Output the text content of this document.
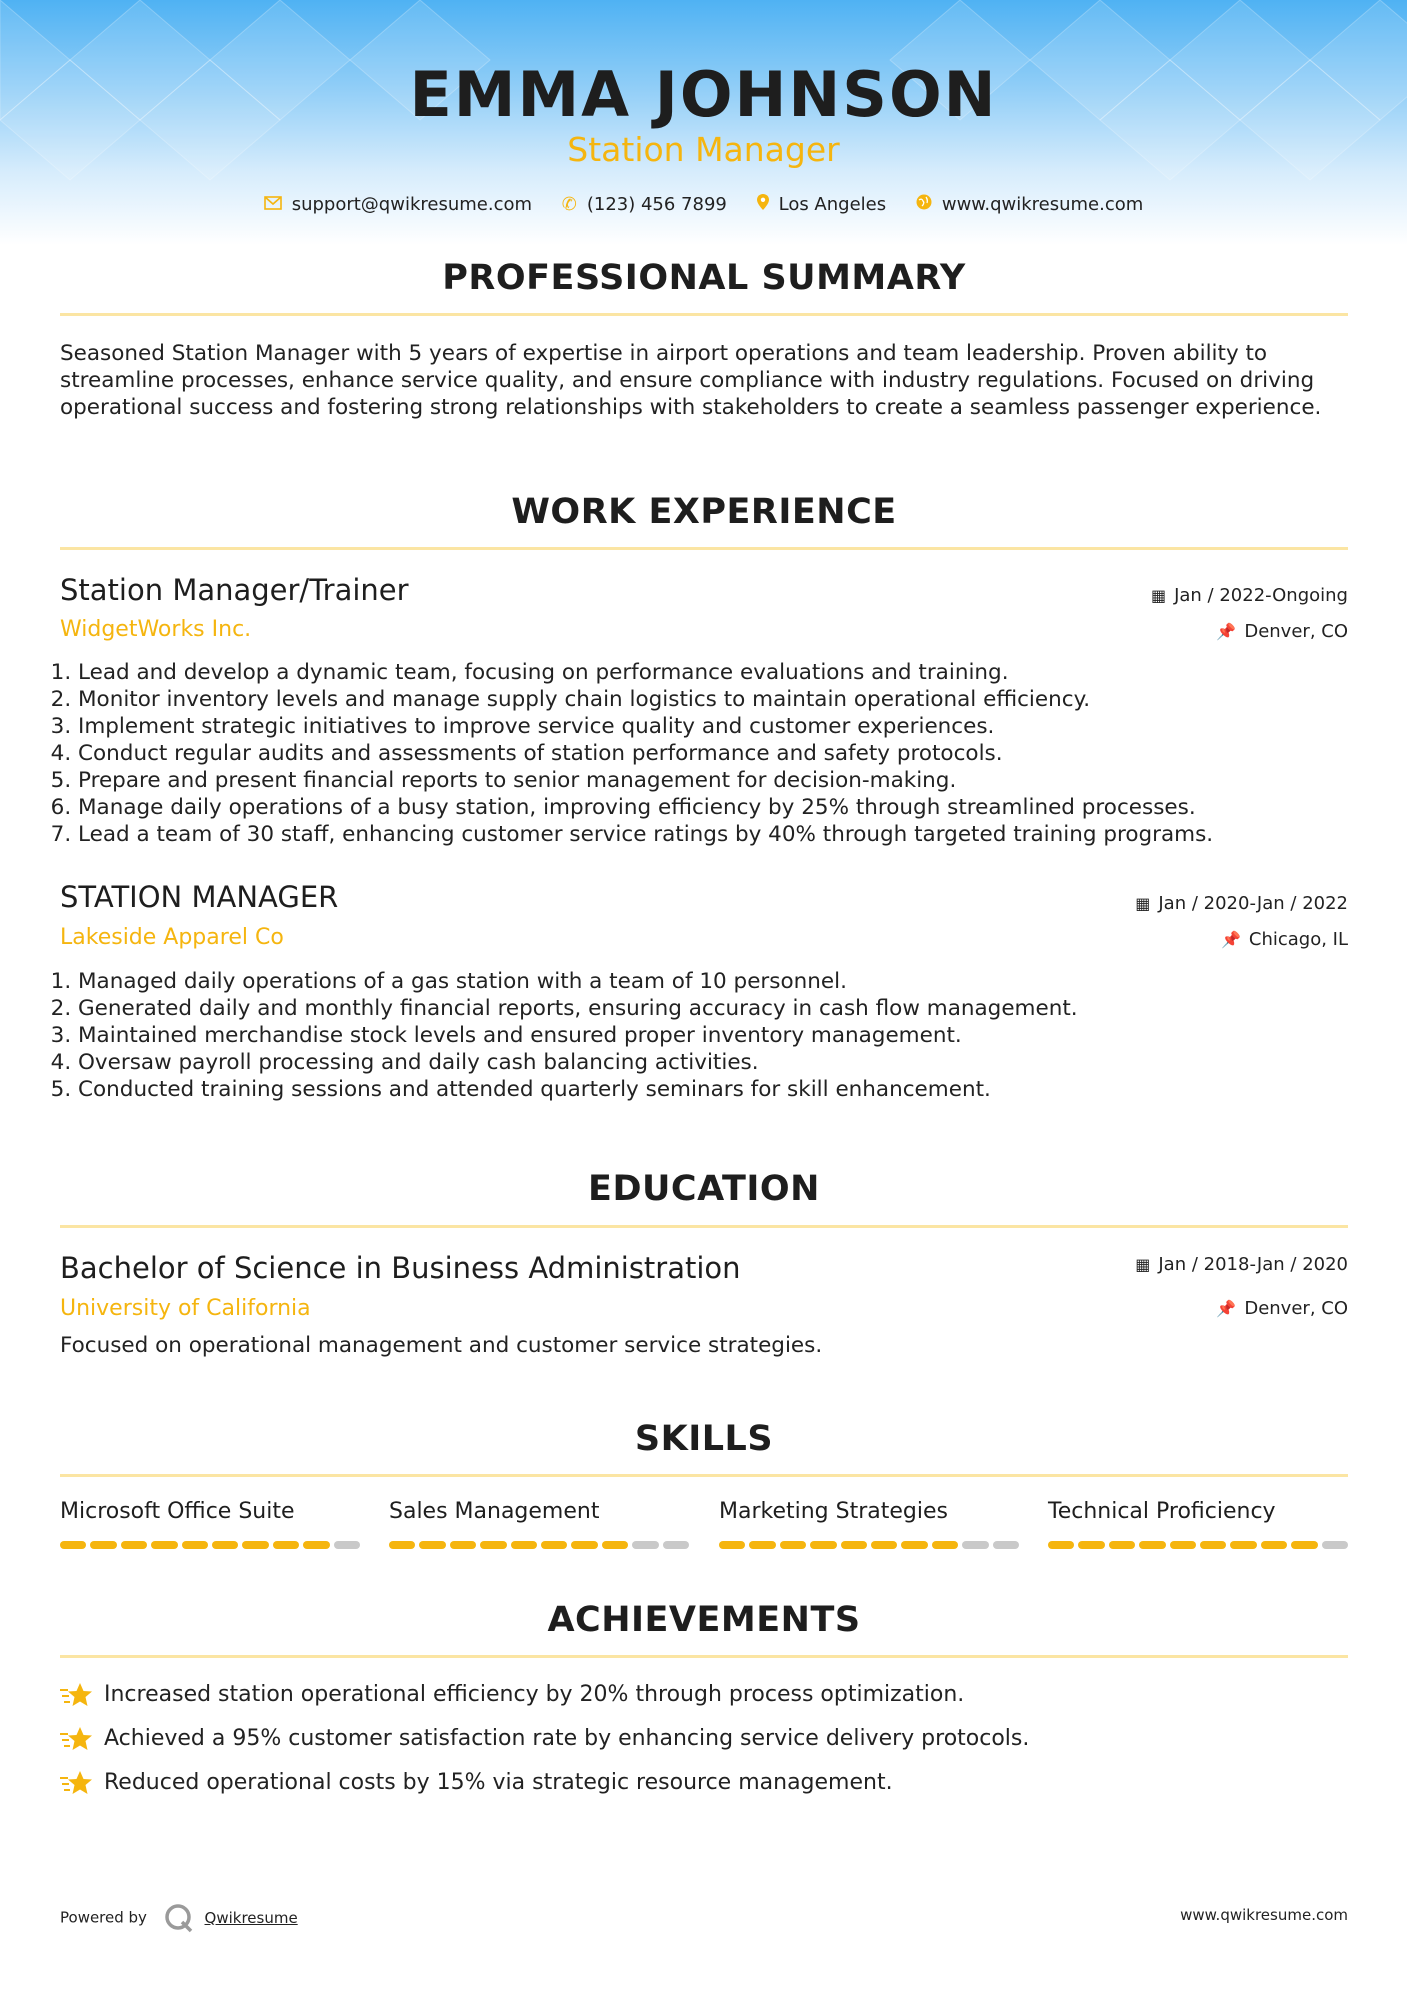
EMMA JOHNSON
Station Manager
support@qwikresume.com ✆ (123) 456 7899	Los Angeles	www.qwikresume.com
PROFESSIONAL SUMMARY
Seasoned Station Manager with 5 years of expertise in airport operations and team leadership. Proven ability to streamline processes, enhance service quality, and ensure compliance with industry regulations. Focused on driving operational success and fostering strong relationships with stakeholders to create a seamless passenger experience.
WORK EXPERIENCE
Station Manager/Trainer
WidgetWorks Inc.
▦ Jan / 2022-Ongoing
📌 Denver, CO
1. Lead and develop a dynamic team, focusing on performance evaluations and training.
2. Monitor inventory levels and manage supply chain logistics to maintain operational efficiency.
3. Implement strategic initiatives to improve service quality and customer experiences.
4. Conduct regular audits and assessments of station performance and safety protocols.
5. Prepare and present financial reports to senior management for decision-making.
6. Manage daily operations of a busy station, improving efficiency by 25% through streamlined processes.
7. Lead a team of 30 staff, enhancing customer service ratings by 40% through targeted training programs.
STATION MANAGER
Lakeside Apparel Co
▦ Jan / 2020-Jan / 2022
📌 Chicago, IL
1. Managed daily operations of a gas station with a team of 10 personnel.
2. Generated daily and monthly financial reports, ensuring accuracy in cash flow management.
3. Maintained merchandise stock levels and ensured proper inventory management.
4. Oversaw payroll processing and daily cash balancing activities.
5. Conducted training sessions and attended quarterly seminars for skill enhancement.
EDUCATION
Bachelor of Science in Business Administration
University of California
▦ Jan / 2018-Jan / 2020
📌 Denver, CO
Focused on operational management and customer service strategies.
SKILLS
Microsoft Office Suite	Sales Management	Marketing Strategies	Technical Proficiency
ACHIEVEMENTS
Increased station operational efficiency by 20% through process optimization.
Achieved a 95% customer satisfaction rate by enhancing service delivery protocols.
Reduced operational costs by 15% via strategic resource management.
Powered by	Qwikresume	www.qwikresume.com
